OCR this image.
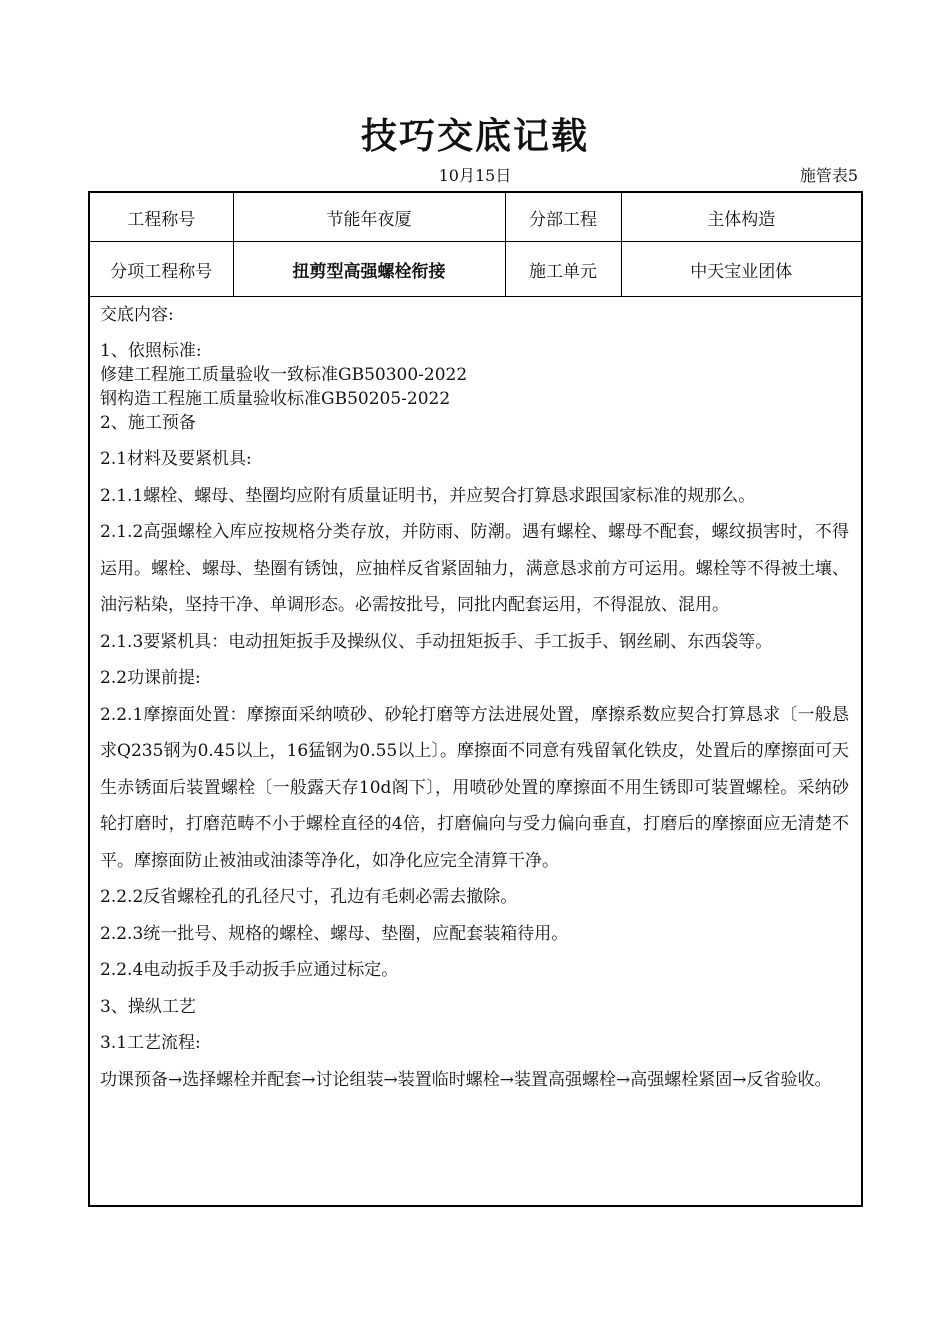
技巧交底记载
10月15日	施管表5
工程称号	节能年夜厦	分部工程	主体构造
分项工程称号	扭剪型高强螺栓衔接	施工单元	中天宝业团体
交底内容:
1、依照标准:
修建工程施工质量验收一致标准GB50300-2022
钢构造工程施工质量验收标准GB50205-2022
2、施工预备
2.1材料及要紧机具:
2.1.1螺栓、螺母、垫圈均应附有质量证明书，并应契合打算恳求跟国家标准的规那么。
2.1.2高强螺栓入库应按规格分类存放，并防雨、防潮。遇有螺栓、螺母不配套，螺纹损害时，不得运用。螺栓、螺母、垫圈有锈蚀，应抽样反省紧固轴力，满意恳求前方可运用。螺栓等不得被土壤、油污粘染，坚持干净、单调形态。必需按批号，同批内配套运用，不得混放、混用。
2.1.3要紧机具：电动扭矩扳手及操纵仪、手动扭矩扳手、手工扳手、钢丝刷、东西袋等。
2.2功课前提:
2.2.1摩擦面处置：摩擦面采纳喷砂、砂轮打磨等方法进展处置，摩擦系数应契合打算恳求〔一般恳求Q235钢为0.45以上，16猛钢为0.55以上〕。摩擦面不同意有残留氧化铁皮，处置后的摩擦面可天生赤锈面后装置螺栓〔一般露天存10d阁下〕，用喷砂处置的摩擦面不用生锈即可装置螺栓。采纳砂轮打磨时，打磨范畴不小于螺栓直径的4倍，打磨偏向与受力偏向垂直，打磨后的摩擦面应无清楚不平。摩擦面防止被油或油漆等净化，如净化应完全清算干净。
2.2.2反省螺栓孔的孔径尺寸，孔边有毛刺必需去撤除。
2.2.3统一批号、规格的螺栓、螺母、垫圈，应配套装箱待用。
2.2.4电动扳手及手动扳手应通过标定。
3、操纵工艺
3.1工艺流程:
功课预备→选择螺栓并配套→讨论组装→装置临时螺栓→装置高强螺栓→高强螺栓紧固→反省验收。
